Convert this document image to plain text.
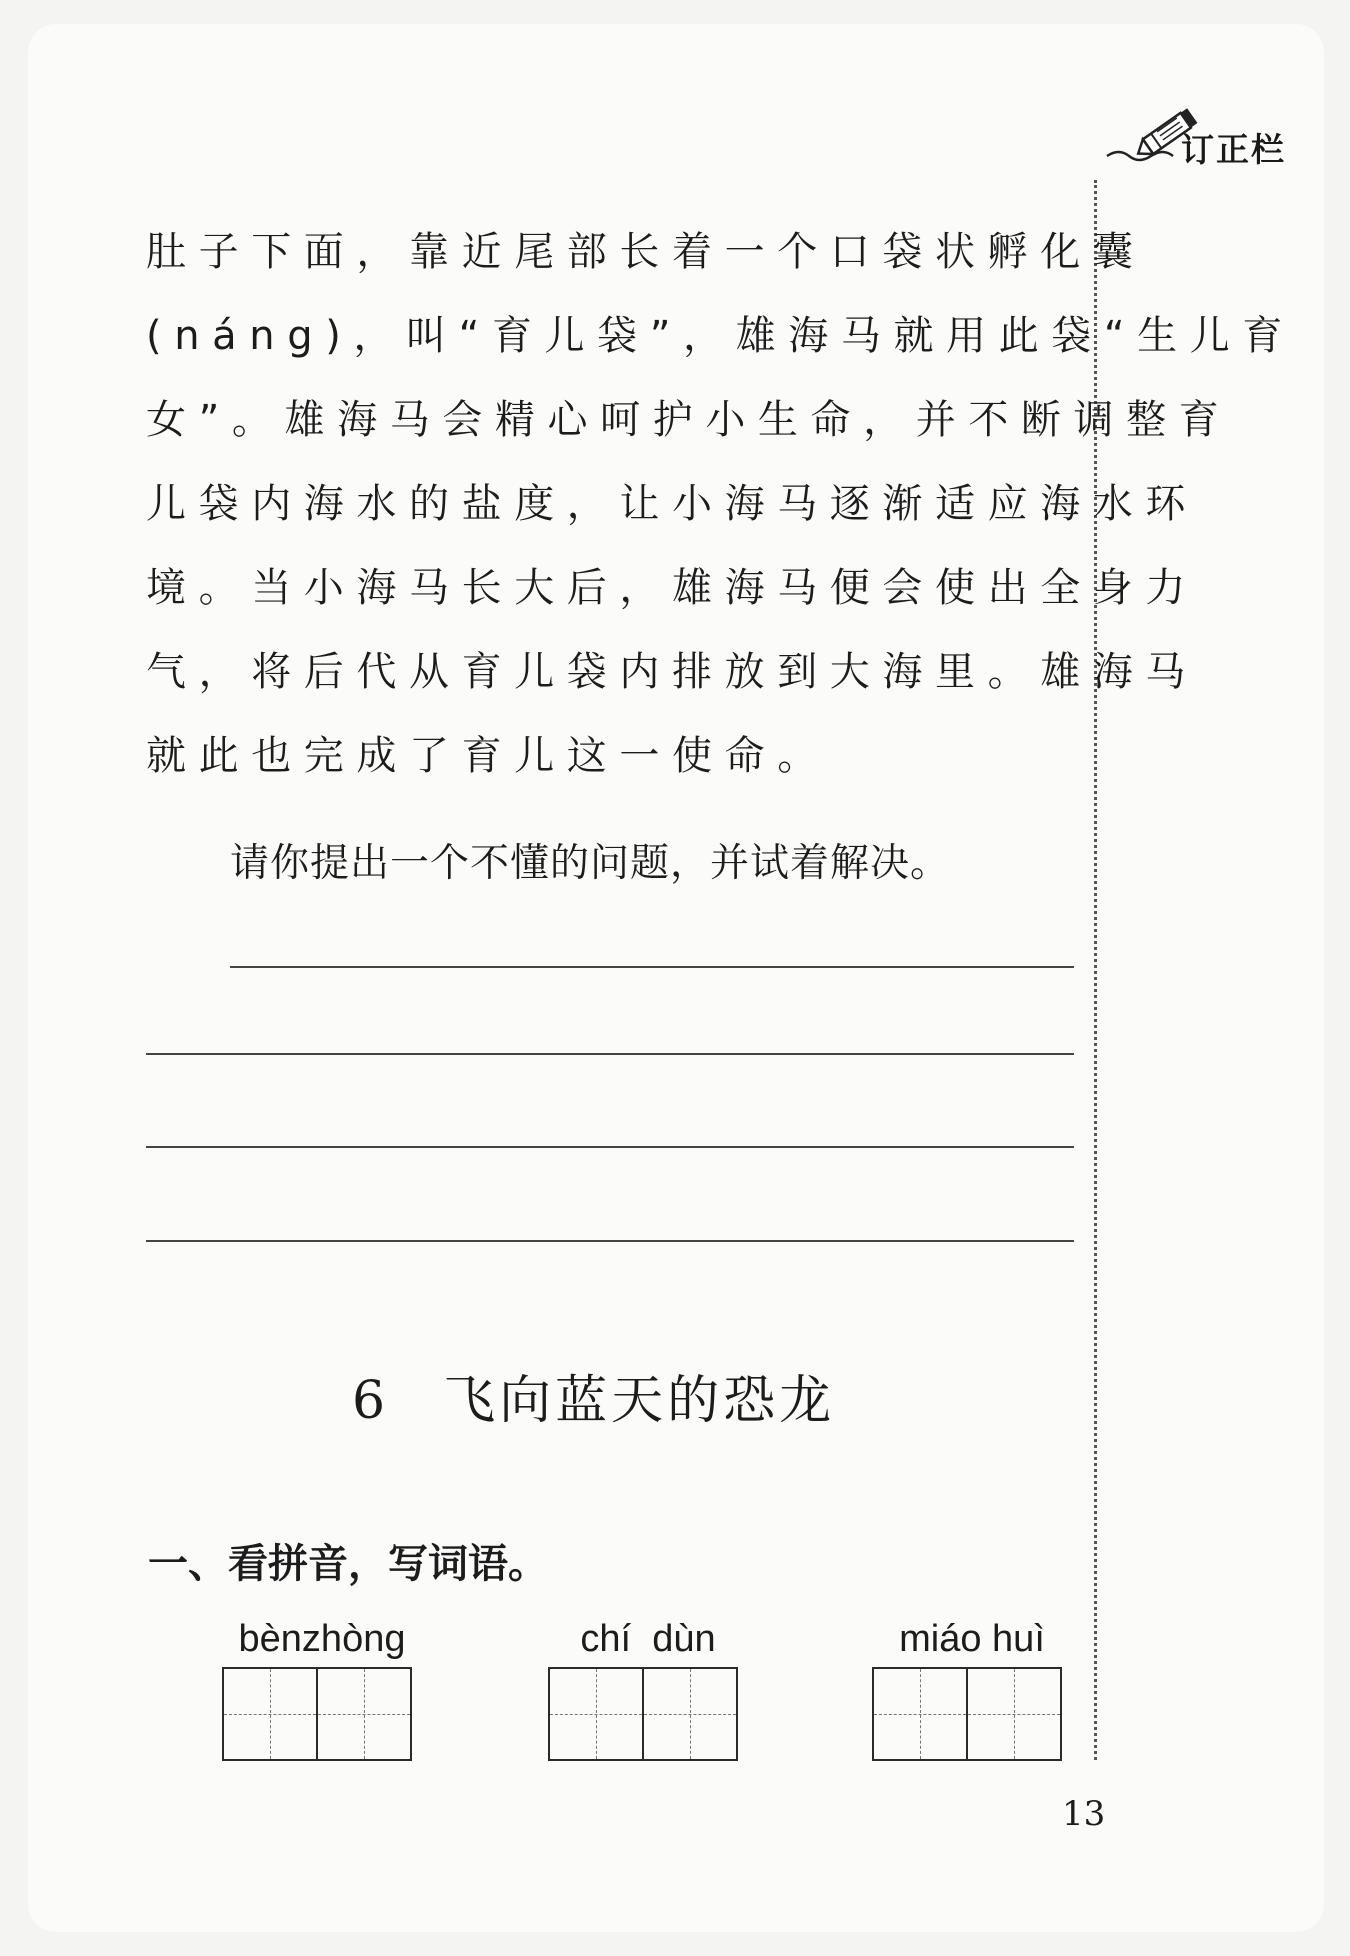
订正栏

肚子下面，靠近尾部长着一个口袋状孵化囊
(náng)，叫“育儿袋”，雄海马就用此袋“生儿育
女”。雄海马会精心呵护小生命，并不断调整育
儿袋内海水的盐度，让小海马逐渐适应海水环
境。当小海马长大后，雄海马便会使出全身力
气，将后代从育儿袋内排放到大海里。雄海马
就此也完成了育儿这一使命。

请你提出一个不懂的问题，并试着解决。
6 飞向蓝天的恐龙
一、看拼音，写词语。
bènzhòng	chí  dùn	miáo huì
13
